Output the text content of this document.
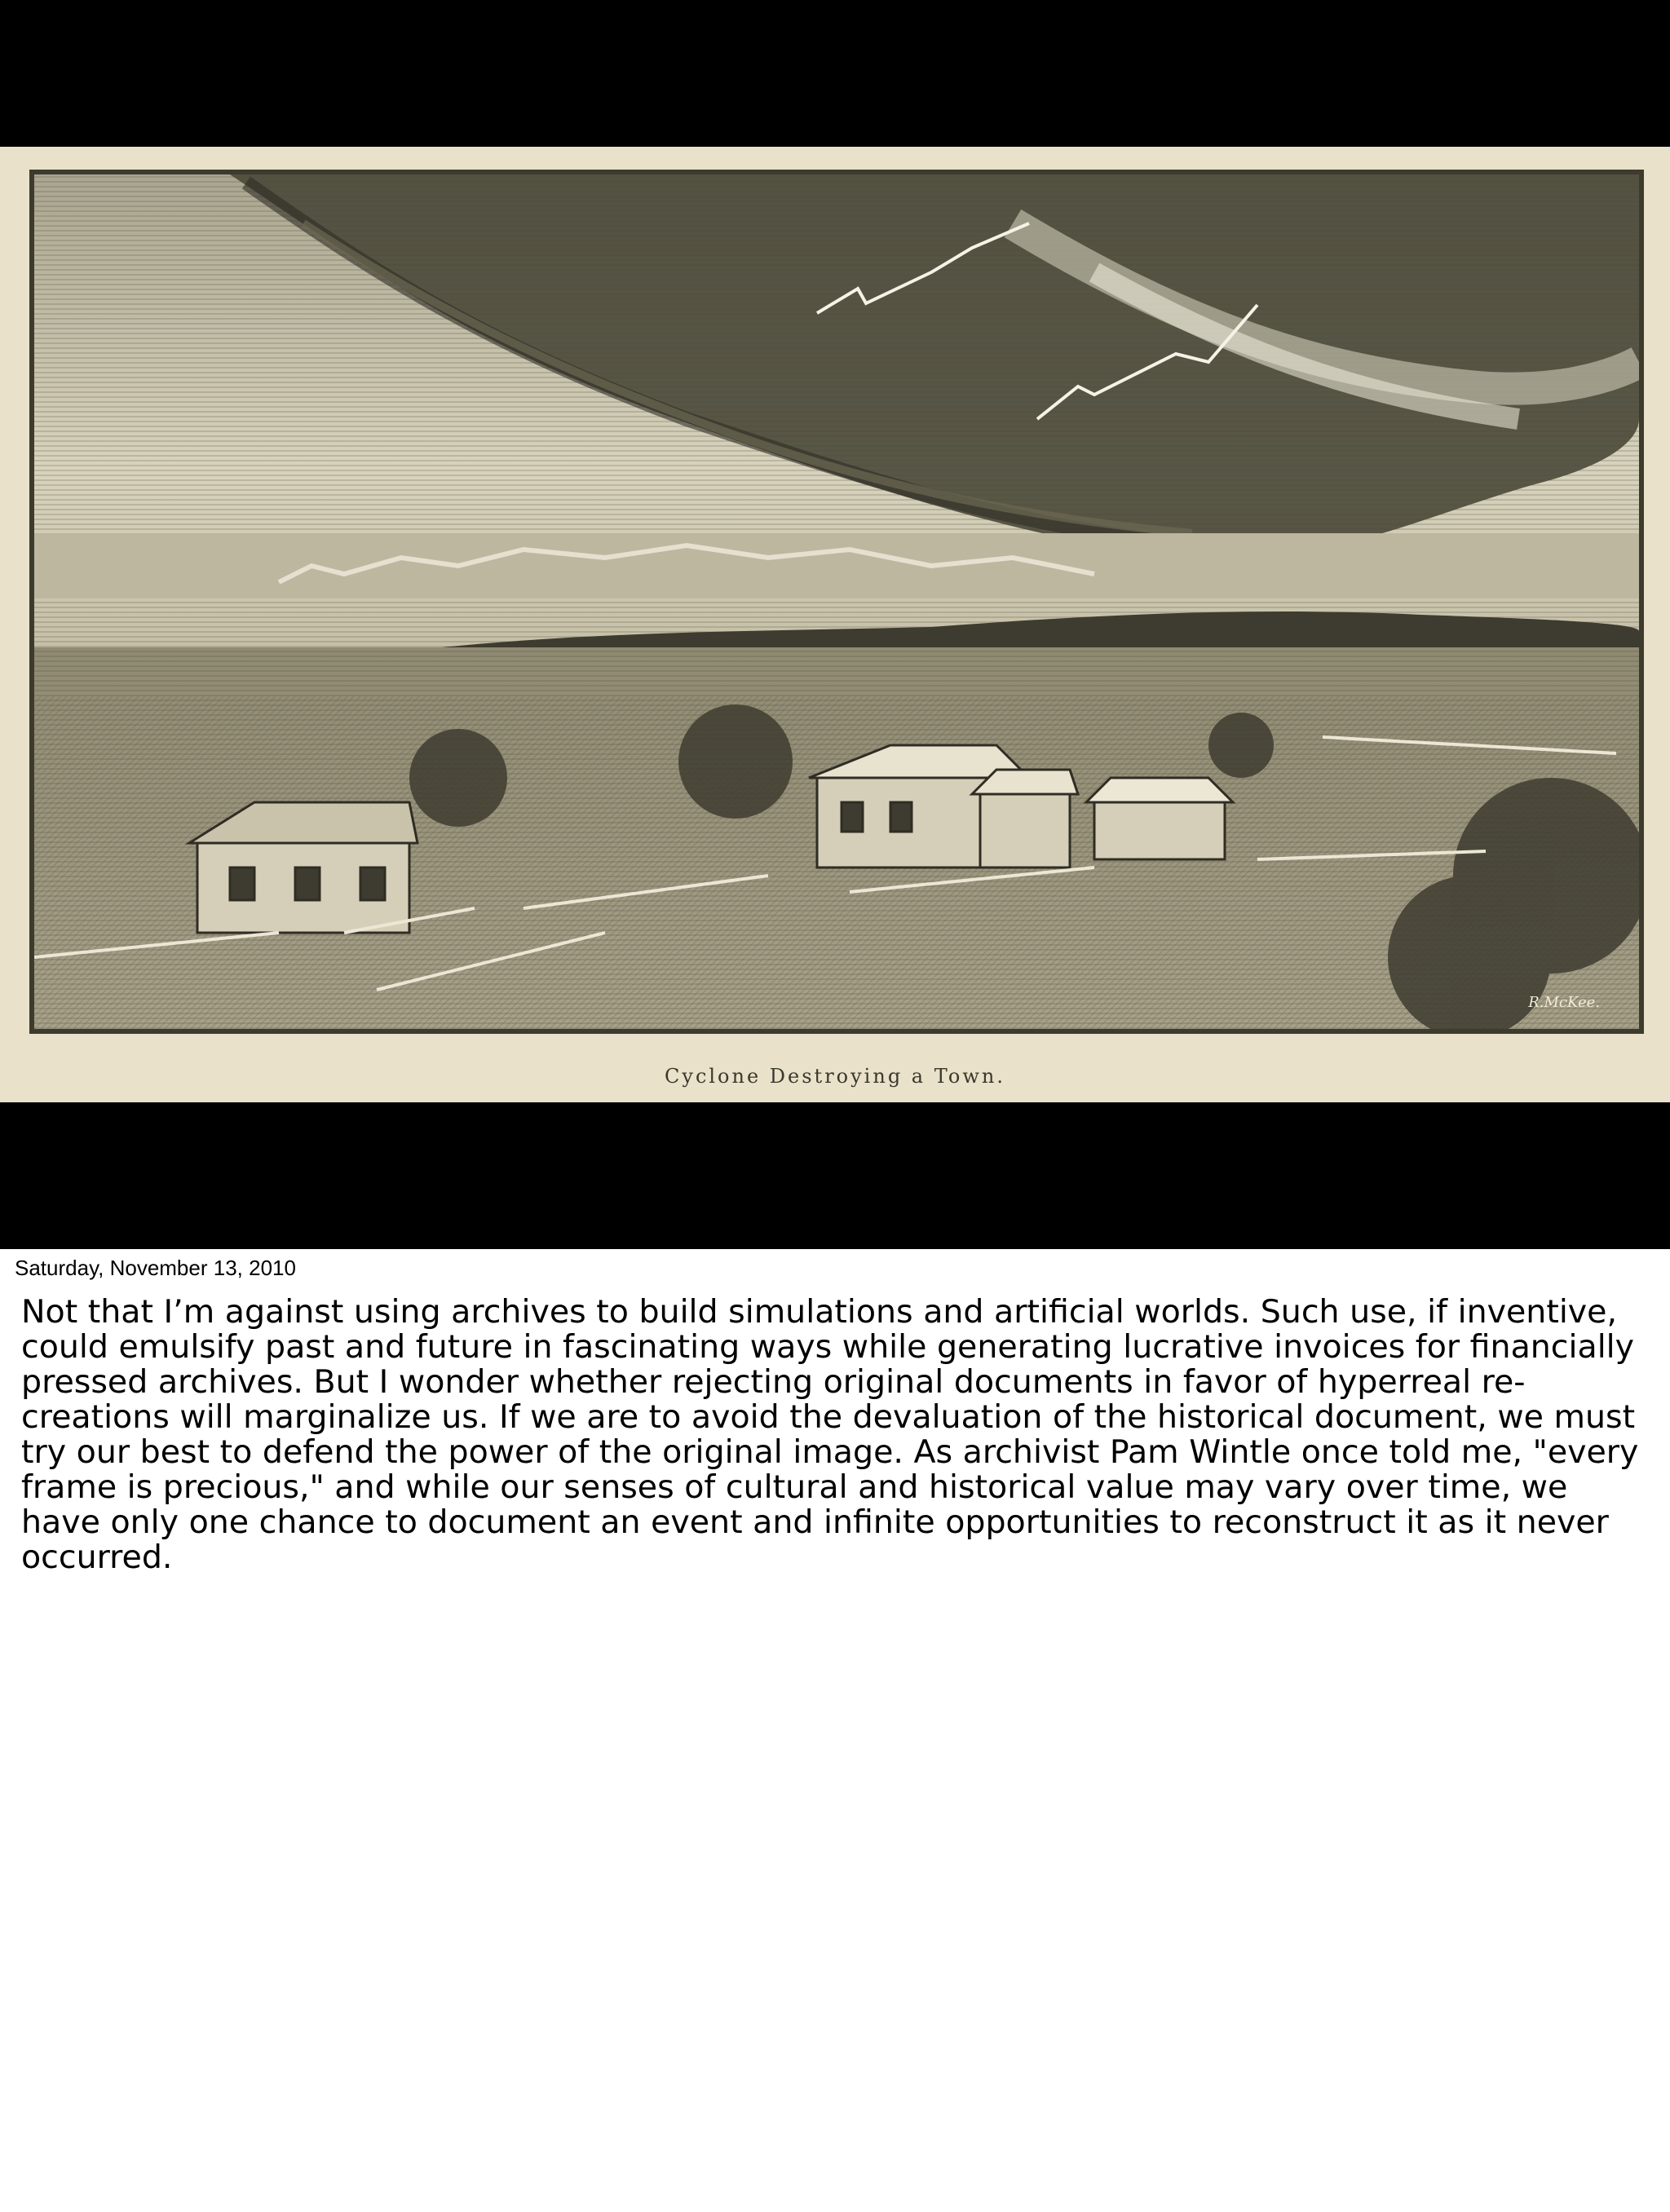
R.McKee.
Cyclone Destroying a Town.
Saturday, November 13, 2010

Not that I’m against using archives to build simulations and artificial worlds. Such use, if inventive, could emulsify past and future in fascinating ways while generating lucrative invoices for financially pressed archives. But I wonder whether rejecting original documents in favor of hyperreal re-creations will marginalize us. If we are to avoid the devaluation of the historical document, we must try our best to defend the power of the original image. As archivist Pam Wintle once told me, "every frame is precious," and while our senses of cultural and historical value may vary over time, we have only one chance to document an event and infinite opportunities to reconstruct it as it never occurred.
